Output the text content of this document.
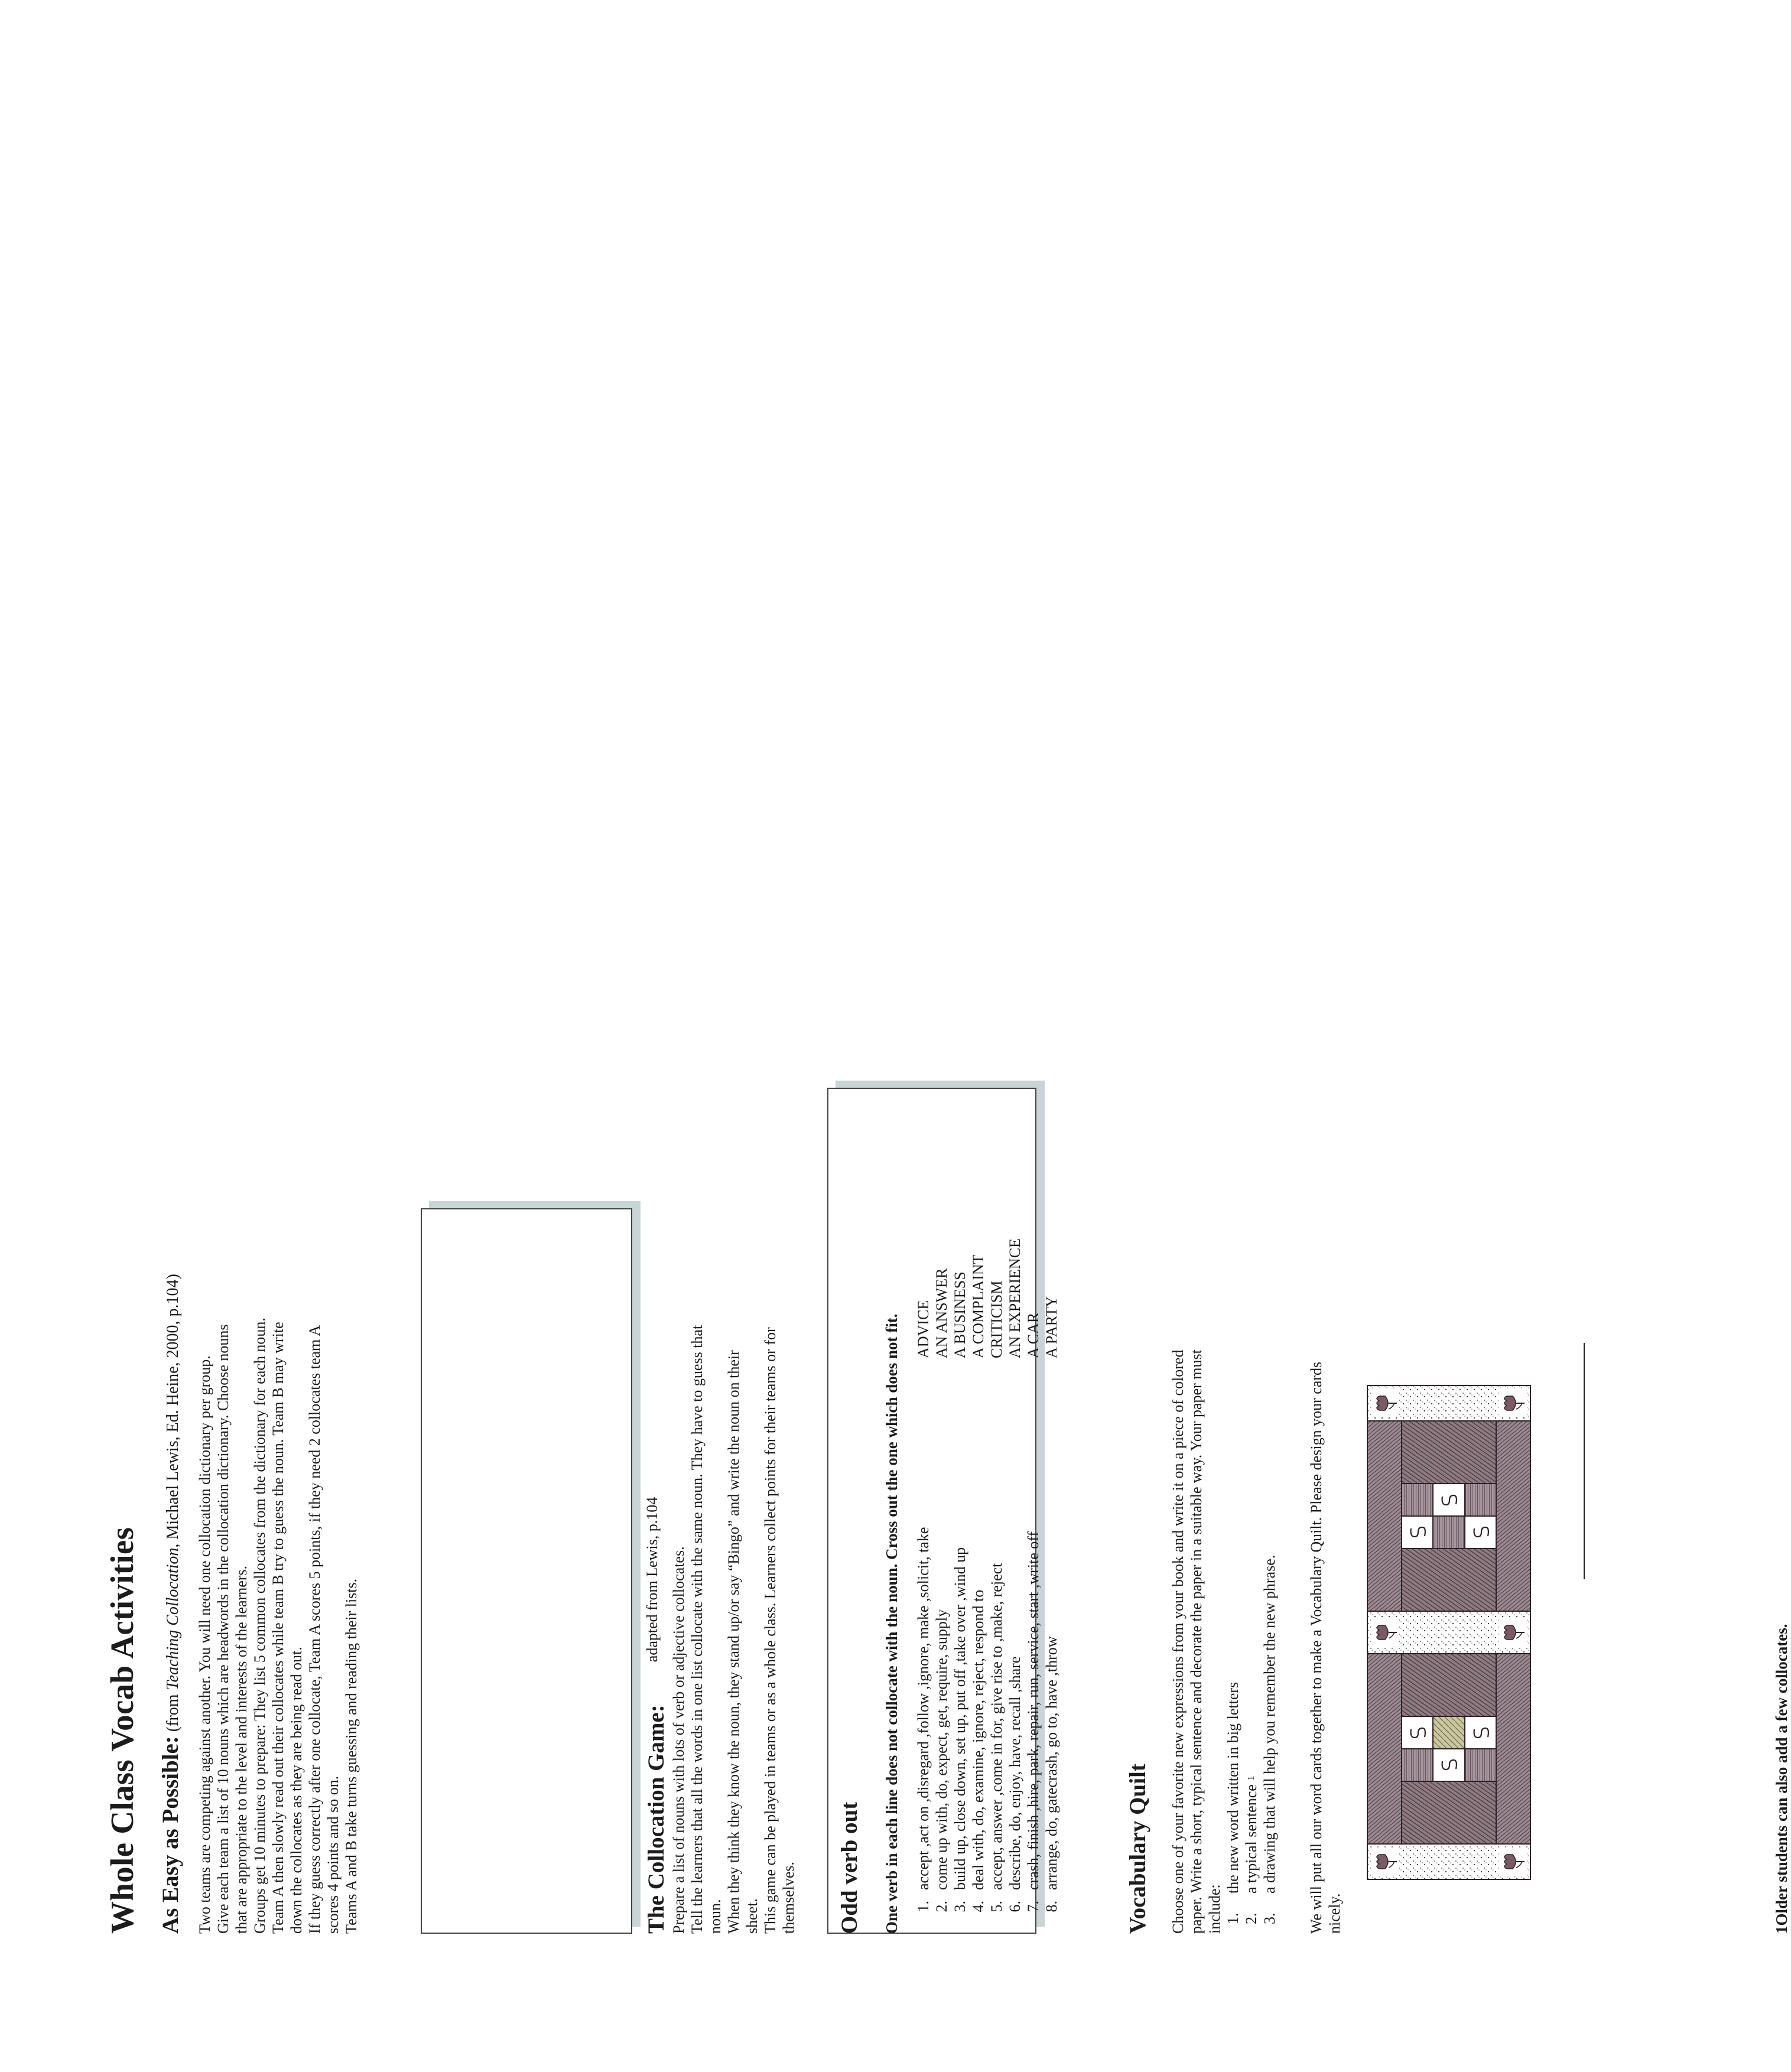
Whole Class Vocab Activities As Easy as Possible: (from Teaching Collocation, Michael Lewis, Ed. Heine, 2000, p.104) Two teams are competing against another. You will need one collocation dictionary per group. Give each team a list of 10 nouns which are headwords in the collocation dictionary. Choose nouns that are appropriate to the level and interests of the learners. Groups get 10 minutes to prepare: They list 5 common collocates from the dictionary for each noun. Team A then slowly read out their collocates while team B try to guess the noun. Team B may write down the collocates as they are being read out. If they guess correctly after one collocate, Team A scores 5 points, if they need 2 collocates team A scores 4 points and so on. Teams A and B take turns guessing and reading their lists.	The Collocation Game:
adapted from Lewis, p.104 Prepare a list of nouns with lots of verb or adjective collocates. Tell the learners that all the words in one list collocate with the same noun. They have to guess that noun. When they think they know the noun, they stand up/or say “Bingo” and write the noun on their sheet. This game can be played in teams or as a whole class. Learners collect points for their teams or for themselves. Odd verb out One verb in each line does not collocate with the noun. Cross out the one which does not fit. 1.
accept ,act on ,disregard ,follow ,ignore, make ,solicit, take
ADVICE
2.
come up with, do, expect, get, require, supply
AN ANSWER
3.
build up, close down, set up, put off ,take over ,wind up
A BUSINESS
4.
deal with, do, examine, ignore, reject, respond to
A COMPLAINT
5.
accept, answer ,come in for, give rise to ,make, reject
CRITICISM
6.
describe, do, enjoy, have, recall ,share
AN EXPERIENCE
7.
crash, finish ,hire, park, repair, run, service, start ,write off
A CAR
8.
arrange, do, gatecrash, go to, have ,throw
A PARTY
Vocabulary Quilt Choose one of your favorite new expressions from your book and write it on a piece of colored paper. Write a short, typical sentence and decorate the paper in a suitable way. Your paper must include: 1.
the new word written in big letters
2.
a typical sentence

1
3.
a drawing that will help you remember the new phrase. We will put all our word cards together to make a Vocabulary Quilt. Please design your cards nicely.	1Older students can also add a few collocates.
